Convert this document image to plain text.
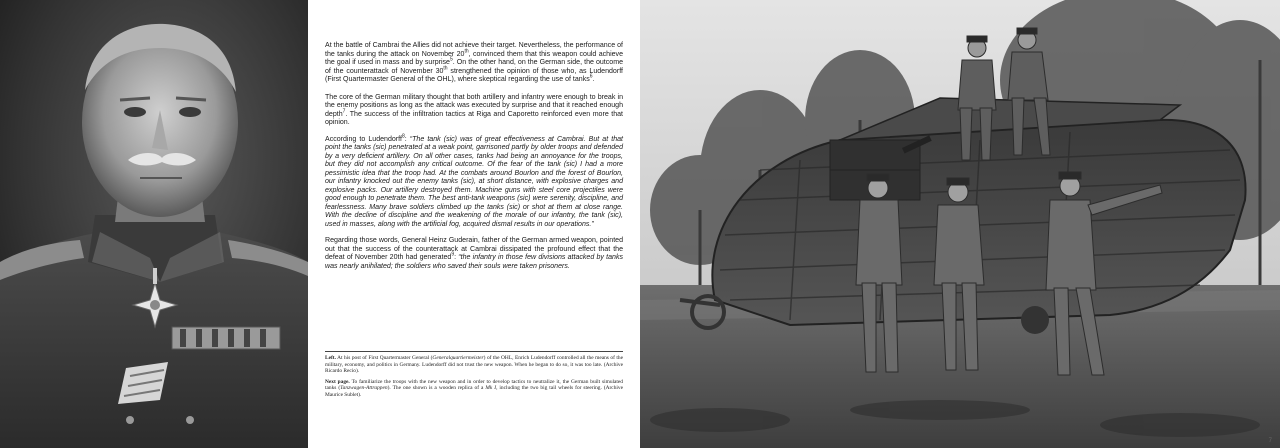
At the battle of Cambrai the Allies did not achieve their target. Nevertheless, the performance of the tanks during the attack on November 20th, convinced them that this weapon could achieve the goal if used in mass and by surprise$^5$. On the other hand, on the German side, the outcome of the counterattack of November 30th strengthened the opinion of those who, as Ludendorff (First Quartermaster General of the OHL), where skeptical regarding the use of tanks$^6$.

The core of the German military thought that both artillery and infantry were enough to break in the enemy positions as long as the attack was executed by surprise and that it reached enough depth$^7$. The success of the infiltration tactics at Riga and Caporetto reinforced even more that opinion.

According to Ludendorff$^8$: “The tank (sic) was of great effectiveness at Cambrai. But at that point the tanks (sic) penetrated at a weak point, garrisoned partly by older troops and defended by a very deficient artillery. On all other cases, tanks had being an annoyance for the troops, but they did not accomplish any critical outcome. Of the fear of the tank (sic) I had a more pessimistic idea that the troop had. At the combats around Bourlon and the forest of Bourlon, our infantry knocked out the enemy tanks (sic), at short distance, with explosive charges and explosive packs. Our artillery destroyed them. Machine guns with steel core projectiles were good enough to penetrate them. The best anti-tank weapons (sic) were serenity, discipline, and fearlessness. Many brave soldiers climbed up the tanks (sic) or shot at them at close range. With the decline of discipline and the weakening of the morale of our infantry, the tank (sic), used in masses, along with the artificial fog, acquired dismal results in our operations.”

Regarding those words, General Heinz Guderain, father of the German armed weapon, pointed out that the success of the counterattack at Cambrai dissipated the profound effect that the defeat of November 20th had generated$^9$: “the infantry in those few divisions attacked by tanks was nearly anihilated; the soldiers who saved their souls were taken prisoners.

Left. At his post of First Quartermaster General (Generalquartiermeister) of the OHL, Enrich Ludendorff controlled all the means of the military, economy, and politics in Germany. Ludendorff did not trust the new weapon. When he began to do so, it was too late. (Archive Ricardo Recio).

Next page. To familiarize the troops with the new weapon and in order to develop tactics to neutralize it, the German built simulated tanks (Tanzwagen-Attrappen). The one shown is a wooden replica of a Mk I, including the two big tail wheels for steering. (Archive Maurice Sublet).

7
